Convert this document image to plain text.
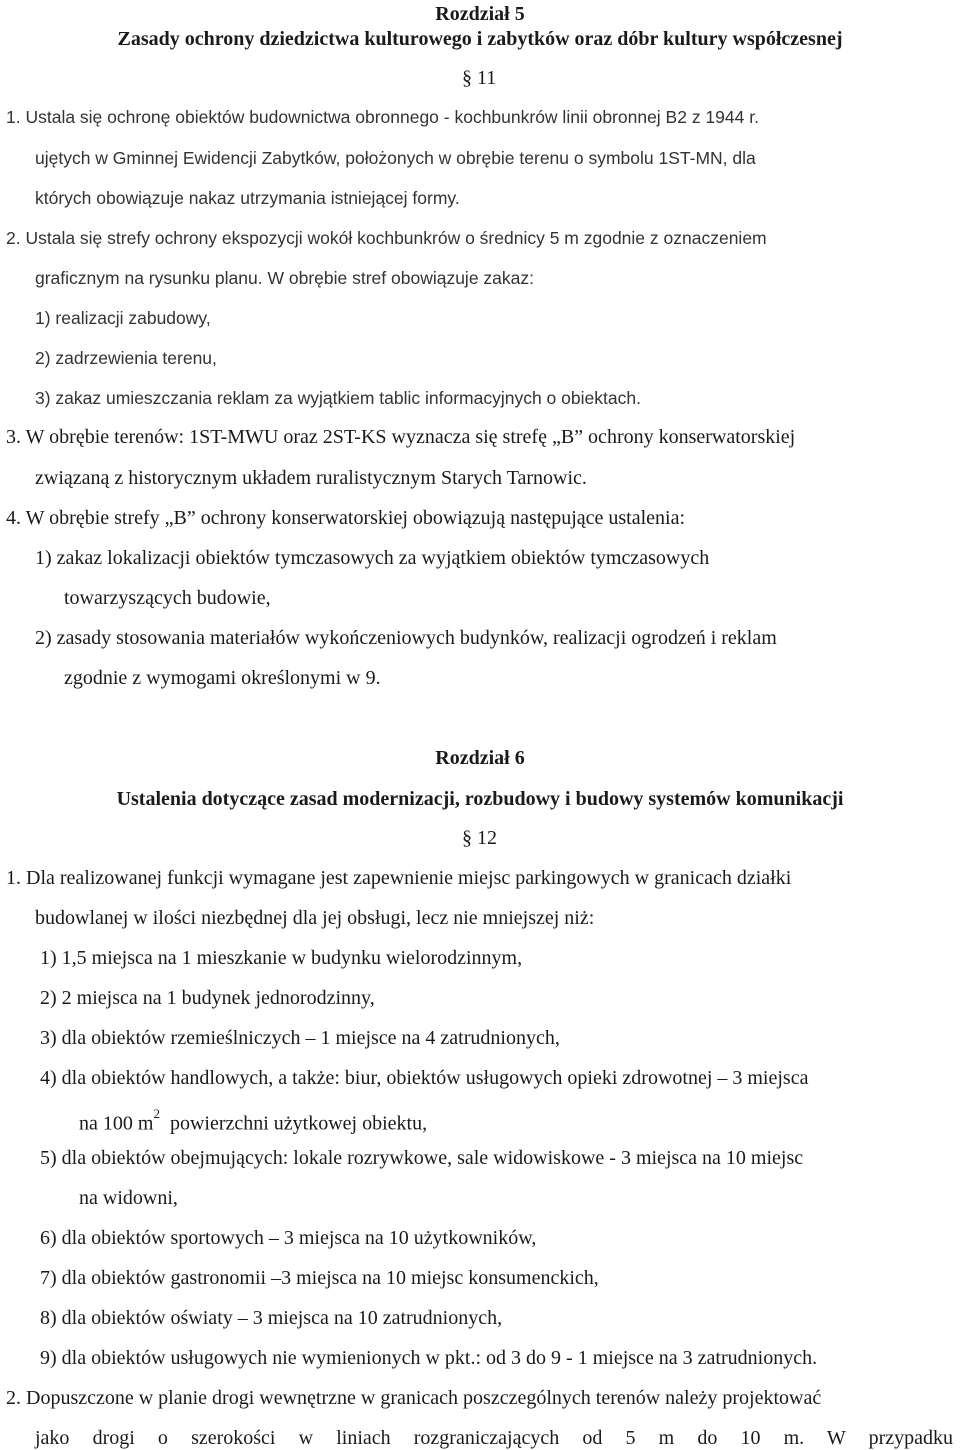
Rozdział 5
Zasady ochrony dziedzictwa kulturowego i zabytków oraz dóbr kultury współczesnej
§ 11
1. Ustala się ochronę obiektów budownictwa obronnego - kochbunkrów linii obronnej B2 z 1944 r.
ujętych w Gminnej Ewidencji Zabytków, położonych w obrębie terenu o symbolu 1ST-MN, dla
których obowiązuje nakaz utrzymania istniejącej formy.
2. Ustala się strefy ochrony ekspozycji wokół kochbunkrów o średnicy 5 m zgodnie z oznaczeniem
graficznym na rysunku planu. W obrębie stref obowiązuje zakaz:
1) realizacji zabudowy,
2) zadrzewienia terenu,
3) zakaz umieszczania reklam za wyjątkiem tablic informacyjnych o obiektach.
3. W obrębie terenów: 1ST-MWU oraz 2ST-KS wyznacza się strefę „B” ochrony konserwatorskiej
związaną z historycznym układem ruralistycznym Starych Tarnowic.
4. W obrębie strefy „B” ochrony konserwatorskiej obowiązują następujące ustalenia:
1) zakaz lokalizacji obiektów tymczasowych za wyjątkiem obiektów tymczasowych
towarzyszących budowie,
2) zasady stosowania materiałów wykończeniowych budynków, realizacji ogrodzeń i reklam
zgodnie z wymogami określonymi w 9.
Rozdział 6
Ustalenia dotyczące zasad modernizacji, rozbudowy i budowy systemów komunikacji
§ 12
1. Dla realizowanej funkcji wymagane jest zapewnienie miejsc parkingowych w granicach działki
budowlanej w ilości niezbędnej dla jej obsługi, lecz nie mniejszej niż:
1) 1,5 miejsca na 1 mieszkanie w budynku wielorodzinnym,
2) 2 miejsca na 1 budynek jednorodzinny,
3) dla obiektów rzemieślniczych – 1 miejsce na 4 zatrudnionych,
4) dla obiektów handlowych, a także: biur, obiektów usługowych opieki zdrowotnej – 3 miejsca
na 100 $m^2$  powierzchni użytkowej obiektu,
5) dla obiektów obejmujących: lokale rozrywkowe, sale widowiskowe - 3 miejsca na 10 miejsc
na widowni,
6) dla obiektów sportowych – 3 miejsca na 10 użytkowników,
7) dla obiektów gastronomii –3 miejsca na 10 miejsc konsumenckich,
8) dla obiektów oświaty – 3 miejsca na 10 zatrudnionych,
9) dla obiektów usługowych nie wymienionych w pkt.: od 3 do 9 - 1 miejsce na 3 zatrudnionych.
2. Dopuszczone w planie drogi wewnętrzne w granicach poszczególnych terenów należy projektować
jako drogi o szerokości w liniach rozgraniczających od 5 m do 10 m. W przypadku
